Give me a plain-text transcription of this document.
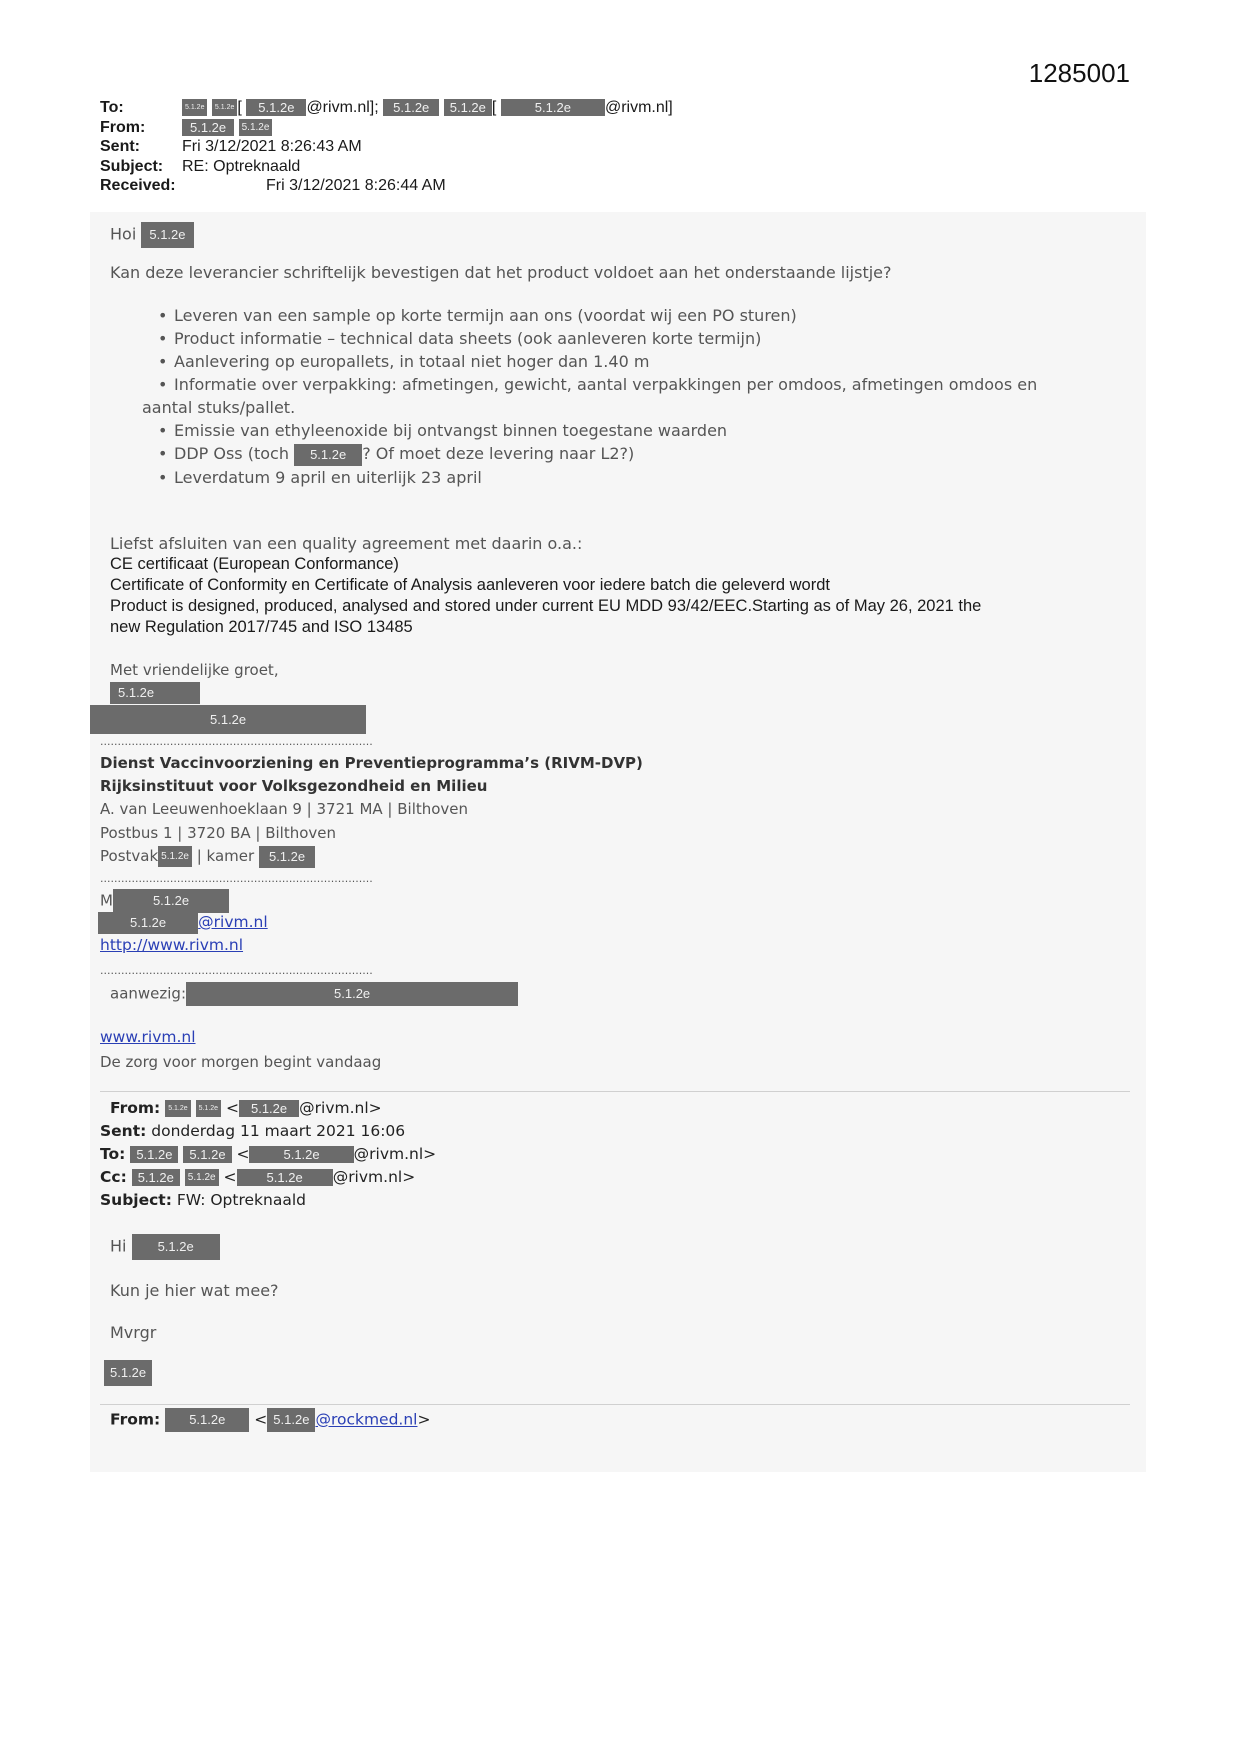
1285001
To:	5.1.2e 5.1.2e [ 5.1.2e @rivm.nl]; 5.1.2e 5.1.2e [	5.1.2e @rivm.nl]
From:	5.1.2e 5.1.2e
Sent:	Fri 3/12/2021 8:26:43 AM
Subject: RE: Optreknaald
Received:	Fri 3/12/2021 8:26:44 AM
Hoi 5.1.2e
Kan deze leverancier schriftelijk bevestigen dat het product voldoet aan het onderstaande lijstje?
• Leveren van een sample op korte termijn aan ons (voordat wij een PO sturen)
• Product informatie – technical data sheets (ook aanleveren korte termijn)
• Aanlevering op europallets, in totaal niet hoger dan 1.40 m
• Informatie over verpakking: afmetingen, gewicht, aantal verpakkingen per omdoos, afmetingen omdoos en
aantal stuks/pallet.
• Emissie van ethyleenoxide bij ontvangst binnen toegestane waarden
• DDP Oss (toch 5.1.2e ? Of moet deze levering naar L2?)
• Leverdatum 9 april en uiterlijk 23 april
Liefst afsluiten van een quality agreement met daarin o.a.:
CE certificaat (European Conformance)
Certificate of Conformity en Certificate of Analysis aanleveren voor iedere batch die geleverd wordt
Product is designed, produced, analysed and stored under current EU MDD 93/42/EEC.Starting as of May 26, 2021 the
new Regulation 2017/745 and ISO 13485
Met vriendelijke groet,
5.1.2e
5.1.2e
..............................................................................
Dienst Vaccinvoorziening en Preventieprogramma’s (RIVM-DVP)
Rijksinstituut voor Volksgezondheid en Milieu
A. van Leeuwenhoeklaan 9 | 3721 MA | Bilthoven
Postbus 1 | 3720 BA | Bilthoven
Postvak 5.1.2e | kamer 5.1.2e
..............................................................................
M	5.1.2e
5.1.2e @rivm.nl
http://www.rivm.nl
..............................................................................
aanwezig:	5.1.2e
www.rivm.nl
De zorg voor morgen begint vandaag
From: 5.1.2e 5.1.2e < 5.1.2e @rivm.nl>
Sent: donderdag 11 maart 2021 16:06
To: 5.1.2e 5.1.2e <	5.1.2e @rivm.nl>
Cc: 5.1.2e 5.1.2e < 5.1.2e @rivm.nl>
Subject: FW: Optreknaald
Hi 5.1.2e
Kun je hier wat mee?
Mvrgr
5.1.2e
From: 5.1.2e < 5.1.2e @rockmed.nl>
